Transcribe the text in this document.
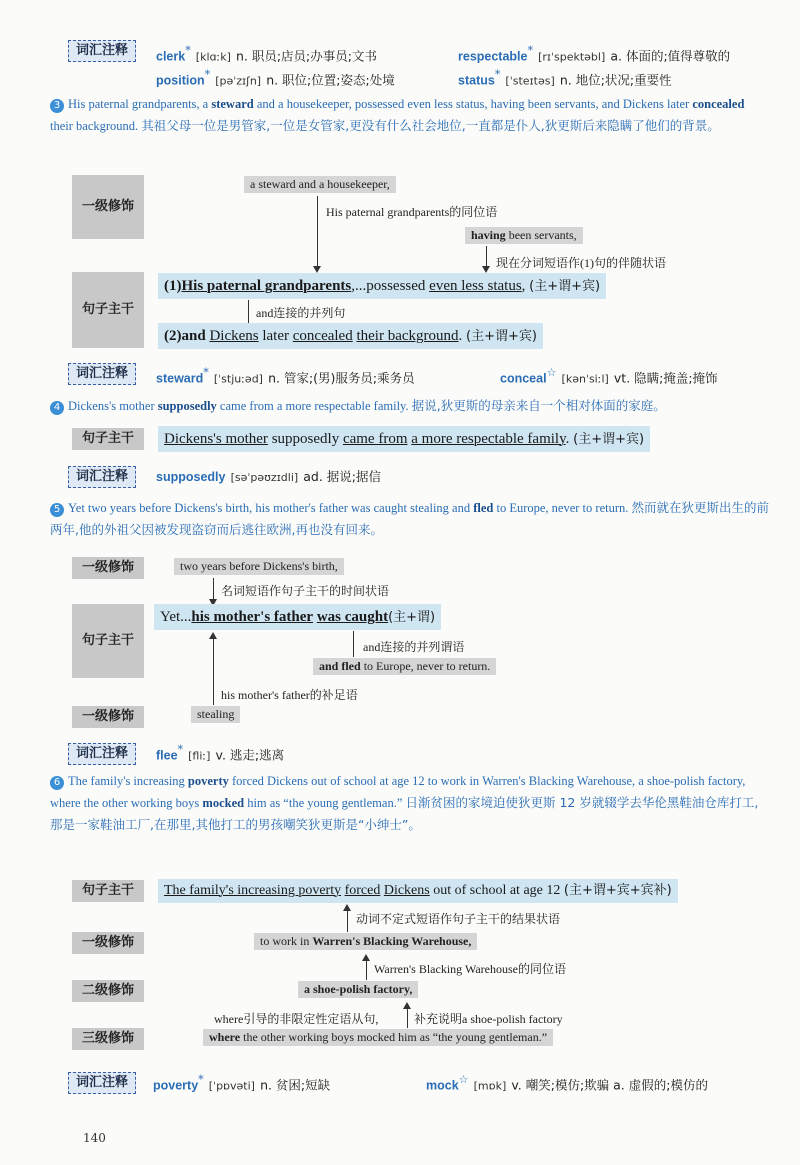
词汇注释	clerk* [klɑːk] n. 职员;店员;办事员;文书	respectable* [rɪˈspektəbl] a. 体面的;值得尊敬的
position* [pəˈzɪʃn] n. 职位;位置;姿态;处境	status* [ˈsteɪtəs] n. 地位;状况;重要性
3 His paternal grandparents, a steward and a housekeeper, possessed even less status, having been servants, and Dickens later concealed their background. 其祖父母一位是男管家,一位是女管家,更没有什么社会地位,一直都是仆人,狄更斯后来隐瞒了他们的背景。
一级修饰
句子主干
a steward and a housekeeper,
His paternal grandparents的同位语
having been servants,
现在分词短语作(1)句的伴随状语
(1)His paternal grandparents,...possessed even less status, (主+谓+宾)
and连接的并列句
(2)and Dickens later concealed their background. (主+谓+宾)
词汇注释	steward* [ˈstjuːəd] n. 管家;(男)服务员;乘务员	conceal☆ [kənˈsiːl] vt. 隐瞒;掩盖;掩饰
4 Dickens's mother supposedly came from a more respectable family. 据说,狄更斯的母亲来自一个相对体面的家庭。
句子主干	Dickens's mother supposedly came from a more respectable family. (主+谓+宾)
词汇注释	supposedly [səˈpəʊzɪdli] ad. 据说;据信
5 Yet two years before Dickens's birth, his mother's father was caught stealing and fled to Europe, never to return. 然而就在狄更斯出生的前两年,他的外祖父因被发现盗窃而后逃往欧洲,再也没有回来。
一级修饰
句子主干
一级修饰
two years before Dickens's birth,
名词短语作句子主干的时间状语
Yet...his mother's father was caught(主+谓)
and连接的并列谓语
and fled to Europe, never to return.
his mother's father的补足语
stealing
词汇注释	flee* [fliː] v. 逃走;逃离
6 The family's increasing poverty forced Dickens out of school at age 12 to work in Warren's Blacking Warehouse, a shoe-polish factory, where the other working boys mocked him as “the young gentleman.” 日渐贫困的家境迫使狄更斯 12 岁就辍学去华伦黑鞋油仓库打工,那是一家鞋油工厂,在那里,其他打工的男孩嘲笑狄更斯是“小绅士”。
句子主干
一级修饰
二级修饰
三级修饰
The family's increasing poverty forced Dickens out of school at age 12 (主+谓+宾+宾补)
动词不定式短语作句子主干的结果状语
to work in Warren's Blacking Warehouse,
Warren's Blacking Warehouse的同位语
a shoe-polish factory,
where引导的非限定性定语从句,	补充说明a shoe-polish factory
where the other working boys mocked him as “the young gentleman.”
词汇注释	poverty* [ˈpɒvəti] n. 贫困;短缺	mock☆ [mɒk] v. 嘲笑;模仿;欺骗 a. 虚假的;模仿的
140
